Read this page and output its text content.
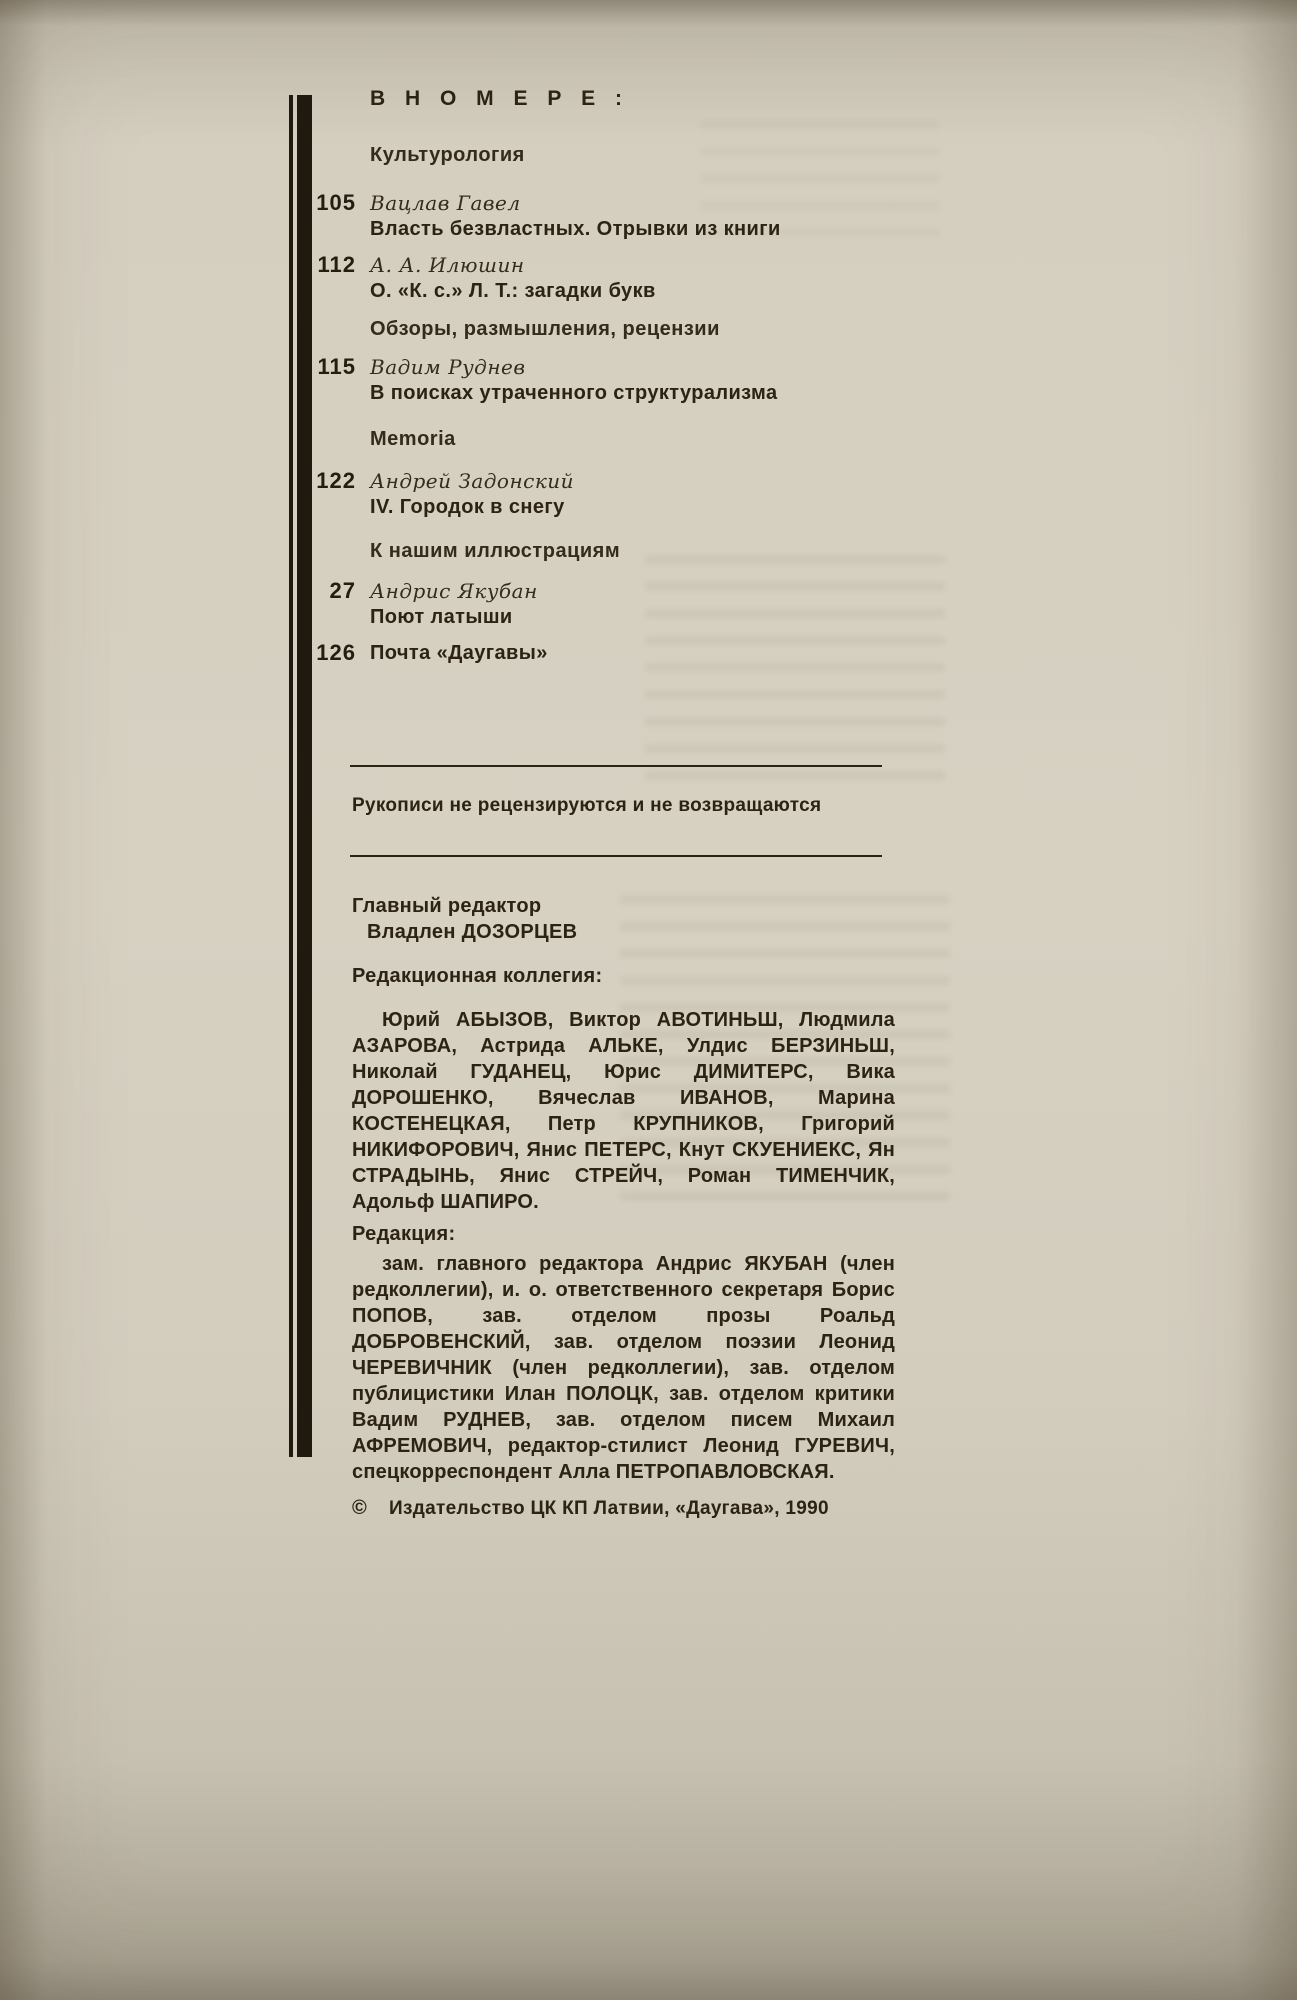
В Н О М Е Р Е :
Культурология
105 Вацлав Гавел
Власть безвластных. Отрывки из книги
112 А. А. Илюшин
О. «К. с.» Л. Т.: загадки букв
Обзоры, размышления, рецензии
115 Вадим Руднев
В поисках утраченного структурализма
Memoria
122 Андрей Задонский
IV. Городок в снегу
К нашим иллюстрациям
27 Андрис Якубан
Поют латыши
126 Почта «Даугавы»
Рукописи не рецензируются и не возвращаются
Главный редактор
Владлен ДОЗОРЦЕВ
Редакционная коллегия:
Юрий АБЫЗОВ, Виктор АВОТИНЬШ, Людмила АЗАРОВА, Астрида АЛЬКЕ, Улдис БЕРЗИНЬШ, Николай ГУДАНЕЦ, Юрис ДИМИТЕРС, Вика ДОРОШЕНКО, Вячеслав ИВАНОВ, Марина КОСТЕНЕЦКАЯ, Петр КРУПНИКОВ, Григорий НИКИФОРОВИЧ, Янис ПЕТЕРС, Кнут СКУЕНИЕКС, Ян СТРАДЫНЬ, Янис СТРЕЙЧ, Роман ТИМЕНЧИК, Адольф ШАПИРО.
Редакция:
зам. главного редактора Андрис ЯКУБАН (член редколлегии), и. о. ответственного секретаря Борис ПОПОВ, зав. отделом прозы Роальд ДОБРОВЕНСКИЙ, зав. отделом поэзии Леонид ЧЕРЕВИЧНИК (член редколлегии), зав. отделом публицистики Илан ПОЛОЦК, зав. отделом критики Вадим РУДНЕВ, зав. отделом писем Михаил АФРЕМОВИЧ, редактор-стилист Леонид ГУРЕВИЧ, спецкорреспондент Алла ПЕТРОПАВЛОВСКАЯ.
© Издательство ЦК КП Латвии, «Даугава», 1990
